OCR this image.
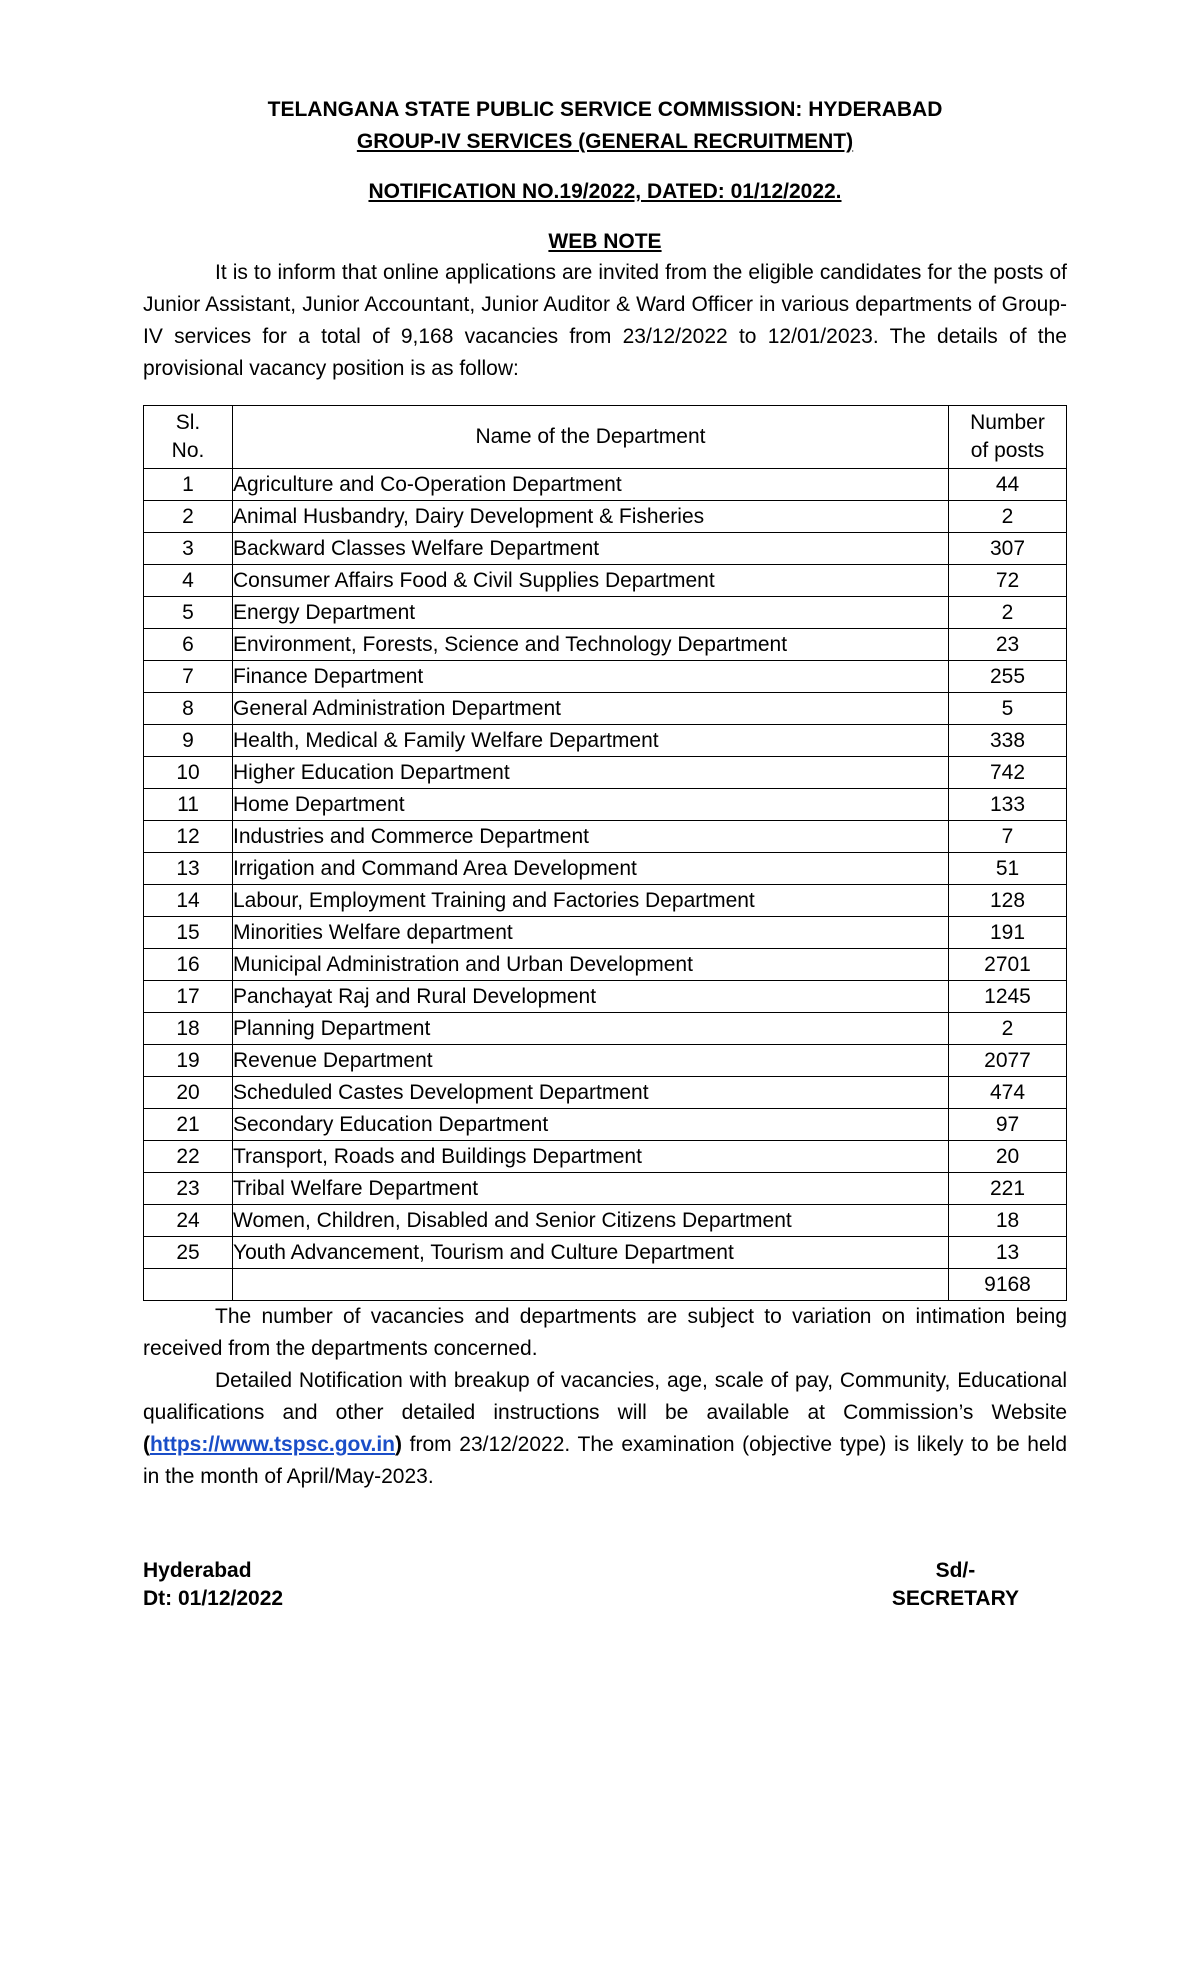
TELANGANA STATE PUBLIC SERVICE COMMISSION: HYDERABAD

GROUP-IV SERVICES (GENERAL RECRUITMENT)

NOTIFICATION NO.19/2022, DATED: 01/12/2022.

WEB NOTE

It is to inform that online applications are invited from the eligible candidates for the posts of Junior Assistant, Junior Accountant, Junior Auditor & Ward Officer in various departments of Group-IV services for a total of 9,168 vacancies from 23/12/2022 to 12/01/2023. The details of the provisional vacancy position is as follow:

Sl.
No.	Name of the Department	Number
of posts
1	Agriculture and Co-Operation Department	44
2	Animal Husbandry, Dairy Development & Fisheries	2
3	Backward Classes Welfare Department	307
4	Consumer Affairs Food & Civil Supplies Department	72
5	Energy Department	2
6	Environment, Forests, Science and Technology Department	23
7	Finance Department	255
8	General Administration Department	5
9	Health, Medical & Family Welfare Department	338
10	Higher Education Department	742
11	Home Department	133
12	Industries and Commerce Department	7
13	Irrigation and Command Area Development	51
14	Labour, Employment Training and Factories Department	128
15	Minorities Welfare department	191
16	Municipal Administration and Urban Development	2701
17	Panchayat Raj and Rural Development	1245
18	Planning Department	2
19	Revenue Department	2077
20	Scheduled Castes Development Department	474
21	Secondary Education Department	97
22	Transport, Roads and Buildings Department	20
23	Tribal Welfare Department	221
24	Women, Children, Disabled and Senior Citizens Department	18
25	Youth Advancement, Tourism and Culture Department	13
		9168

The number of vacancies and departments are subject to variation on intimation being received from the departments concerned.

Detailed Notification with breakup of vacancies, age, scale of pay, Community, Educational qualifications and other detailed instructions will be available at Commission’s Website (https://www.tspsc.gov.in) from 23/12/2022. The examination (objective type) is likely to be held in the month of April/May-2023.

Hyderabad
Dt: 01/12/2022
Sd/-
SECRETARY
